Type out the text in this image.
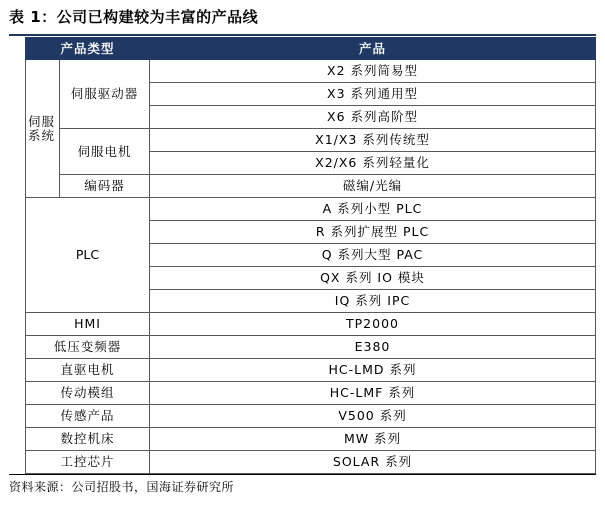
表 1：公司已构建较为丰富的产品线
产品类型		产品
伺服
系统	伺服驱动器	X2 系列简易型
		X3 系列通用型
		X6 系列高阶型
	伺服电机	X1/X3 系列传统型
		X2/X6 系列轻量化
	编码器	磁编/光编
PLC		A 系列小型 PLC
		R 系列扩展型 PLC
		Q 系列大型 PAC
		QX 系列 IO 模块
		IQ 系列 IPC
HMI		TP2000
低压变频器		E380
直驱电机		HC-LMD 系列
传动模组		HC-LMF 系列
传感产品		V500 系列
数控机床		MW 系列
工控芯片		SOLAR 系列
资料来源：公司招股书，国海证券研究所
